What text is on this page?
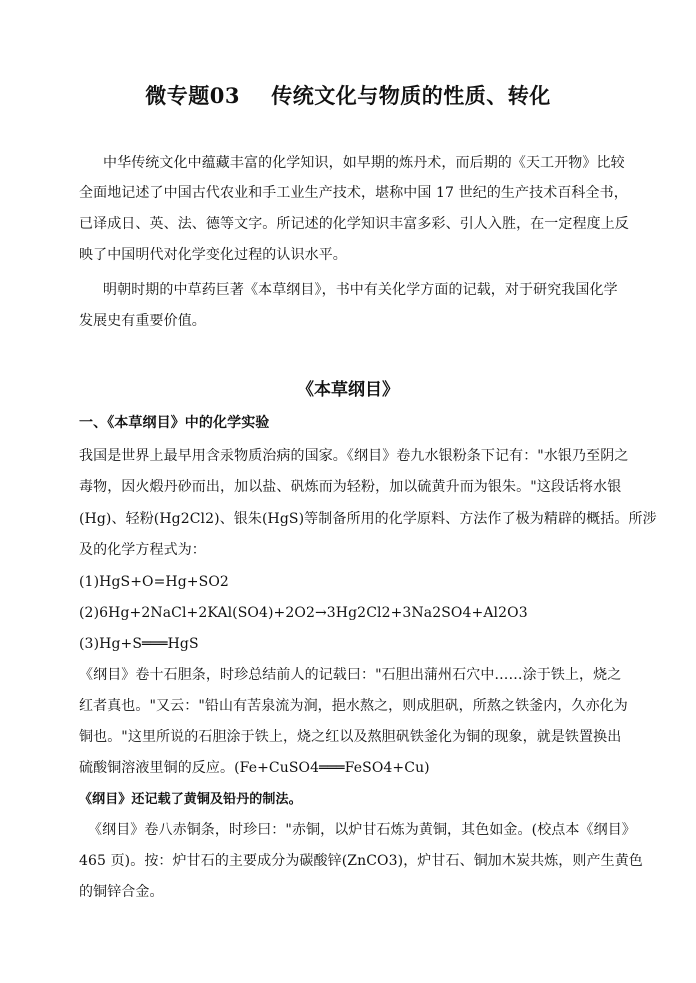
微专题03    传统文化与物质的性质、转化
中华传统文化中蕴藏丰富的化学知识，如早期的炼丹术，而后期的《天工开物》比较
全面地记述了中国古代农业和手工业生产技术，堪称中国 17 世纪的生产技术百科全书，
已译成日、英、法、德等文字。所记述的化学知识丰富多彩、引人入胜，在一定程度上反
映了中国明代对化学变化过程的认识水平。
明朝时期的中草药巨著《本草纲目》，书中有关化学方面的记载，对于研究我国化学
发展史有重要价值。
《本草纲目》
一、《本草纲目》中的化学实验
我国是世界上最早用含汞物质治病的国家。《纲目》卷九水银粉条下记有："水银乃至阴之
毒物，因火煅丹砂而出，加以盐、矾炼而为轻粉，加以硫黄升而为银朱。"这段话将水银
(Hg)、轻粉(Hg2Cl2)、银朱(HgS)等制备所用的化学原料、方法作了极为精辟的概括。所涉
及的化学方程式为：
(1)HgS+O=Hg+SO2
(2)6Hg+2NaCl+2KAl(SO4)+2O2→3Hg2Cl2+3Na2SO4+Al2O3
(3)Hg+S═══HgS
《纲目》卷十石胆条，时珍总结前人的记载曰："石胆出蒲州石穴中……涂于铁上，烧之
红者真也。"又云："铅山有苦泉流为涧，挹水熬之，则成胆矾，所熬之铁釜内，久亦化为
铜也。"这里所说的石胆涂于铁上，烧之红以及熬胆矾铁釜化为铜的现象，就是铁置换出
硫酸铜溶液里铜的反应。(Fe+CuSO4═══FeSO4+Cu)
《纲目》还记载了黄铜及铅丹的制法。
《纲目》卷八赤铜条，时珍曰："赤铜，以炉甘石炼为黄铜，其色如金。(校点本《纲目》
465 页)。按：炉甘石的主要成分为碳酸锌(ZnCO3)，炉甘石、铜加木炭共炼，则产生黄色
的铜锌合金。
